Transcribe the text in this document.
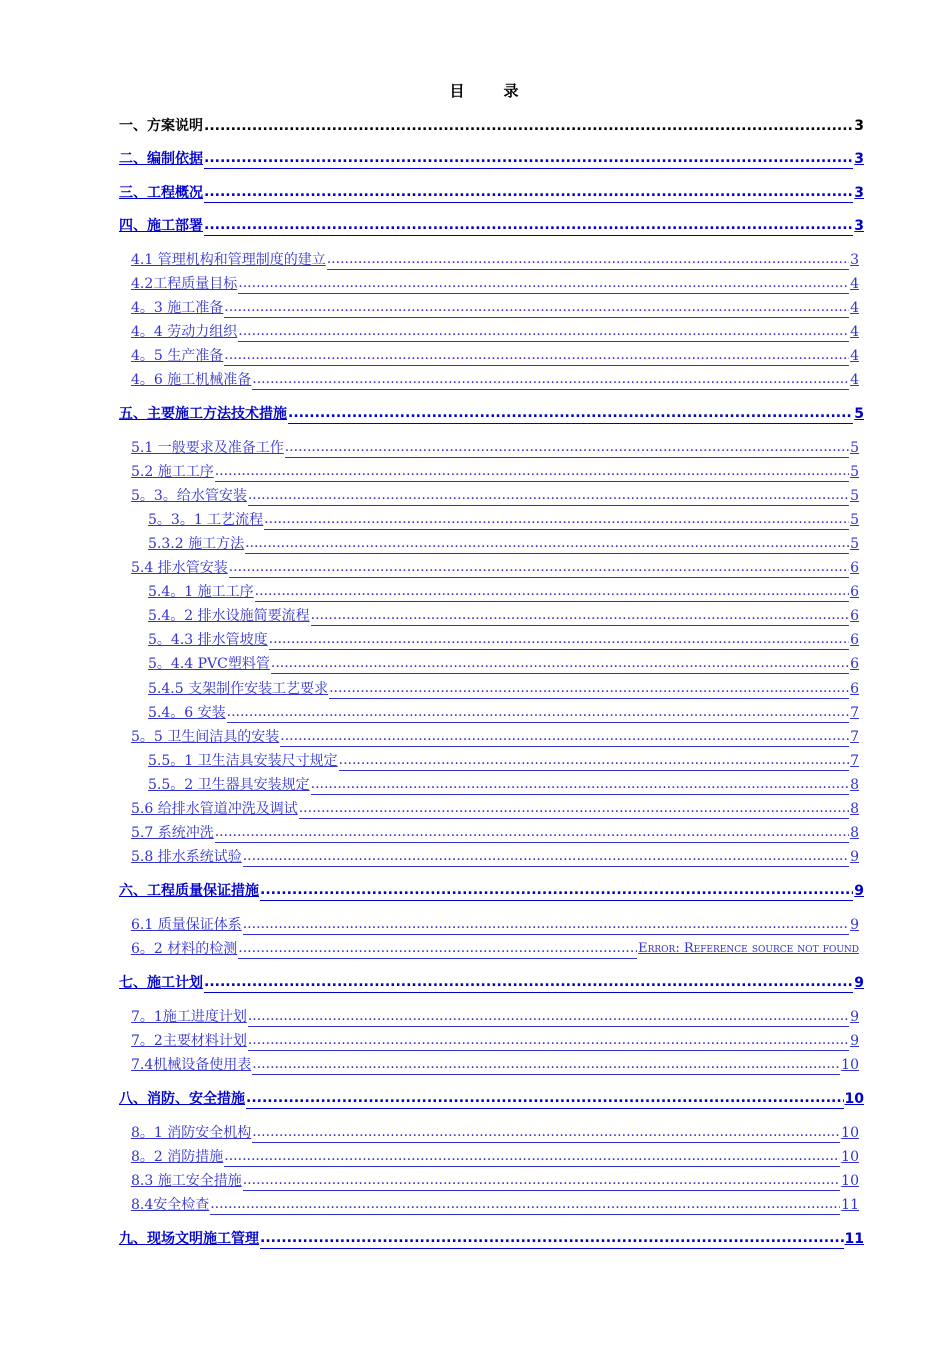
目　录
一、方案说明 .....	3
二、编制依据 .....	3
三、工程概况 .....	3
四、施工部署 .....	3
4.1 管理机构和管理制度的建立 .....	3
4.2工程质量目标 .....	4
4。3 施工准备 .....	4
4。4 劳动力组织 .....	4
4。5 生产准备 .....	4
4。6 施工机械准备 .....	4
五、主要施工方法技术措施 .....	5
5.1 一般要求及准备工作 .....	5
5.2 施工工序 .....	5
5。3。给水管安装 .....	5
5。3。1 工艺流程 .....	5
5.3.2 施工方法 .....	5
5.4 排水管安装 .....	6
5.4。1 施工工序 .....	6
5.4。2 排水设施简要流程 .....	6
5。4.3 排水管坡度 .....	6
5。4.4 PVC塑料管 .....	6
5.4.5 支架制作安装工艺要求 .....	6
5.4。6 安装 .....	7
5。5 卫生间洁具的安装 .....	7
5.5。1 卫生洁具安装尺寸规定 .....	7
5.5。2 卫生器具安装规定 .....	8
5.6 给排水管道冲洗及调试 .....	8
5.7 系统冲洗 .....	8
5.8 排水系统试验 .....	9
六、工程质量保证措施 .....	9
6.1 质量保证体系 .....	9
6。2 材料的检测 .....	Error: Reference source not found
七、施工计划 .....	9
7。1施工进度计划 .....	9
7。2主要材料计划 .....	9
7.4机械设备使用表 .....	10
八、消防、安全措施 .....	10
8。1 消防安全机构 .....	10
8。2 消防措施 .....	10
8.3 施工安全措施 .....	10
8.4安全检查 .....	11
九、现场文明施工管理 .....	11
